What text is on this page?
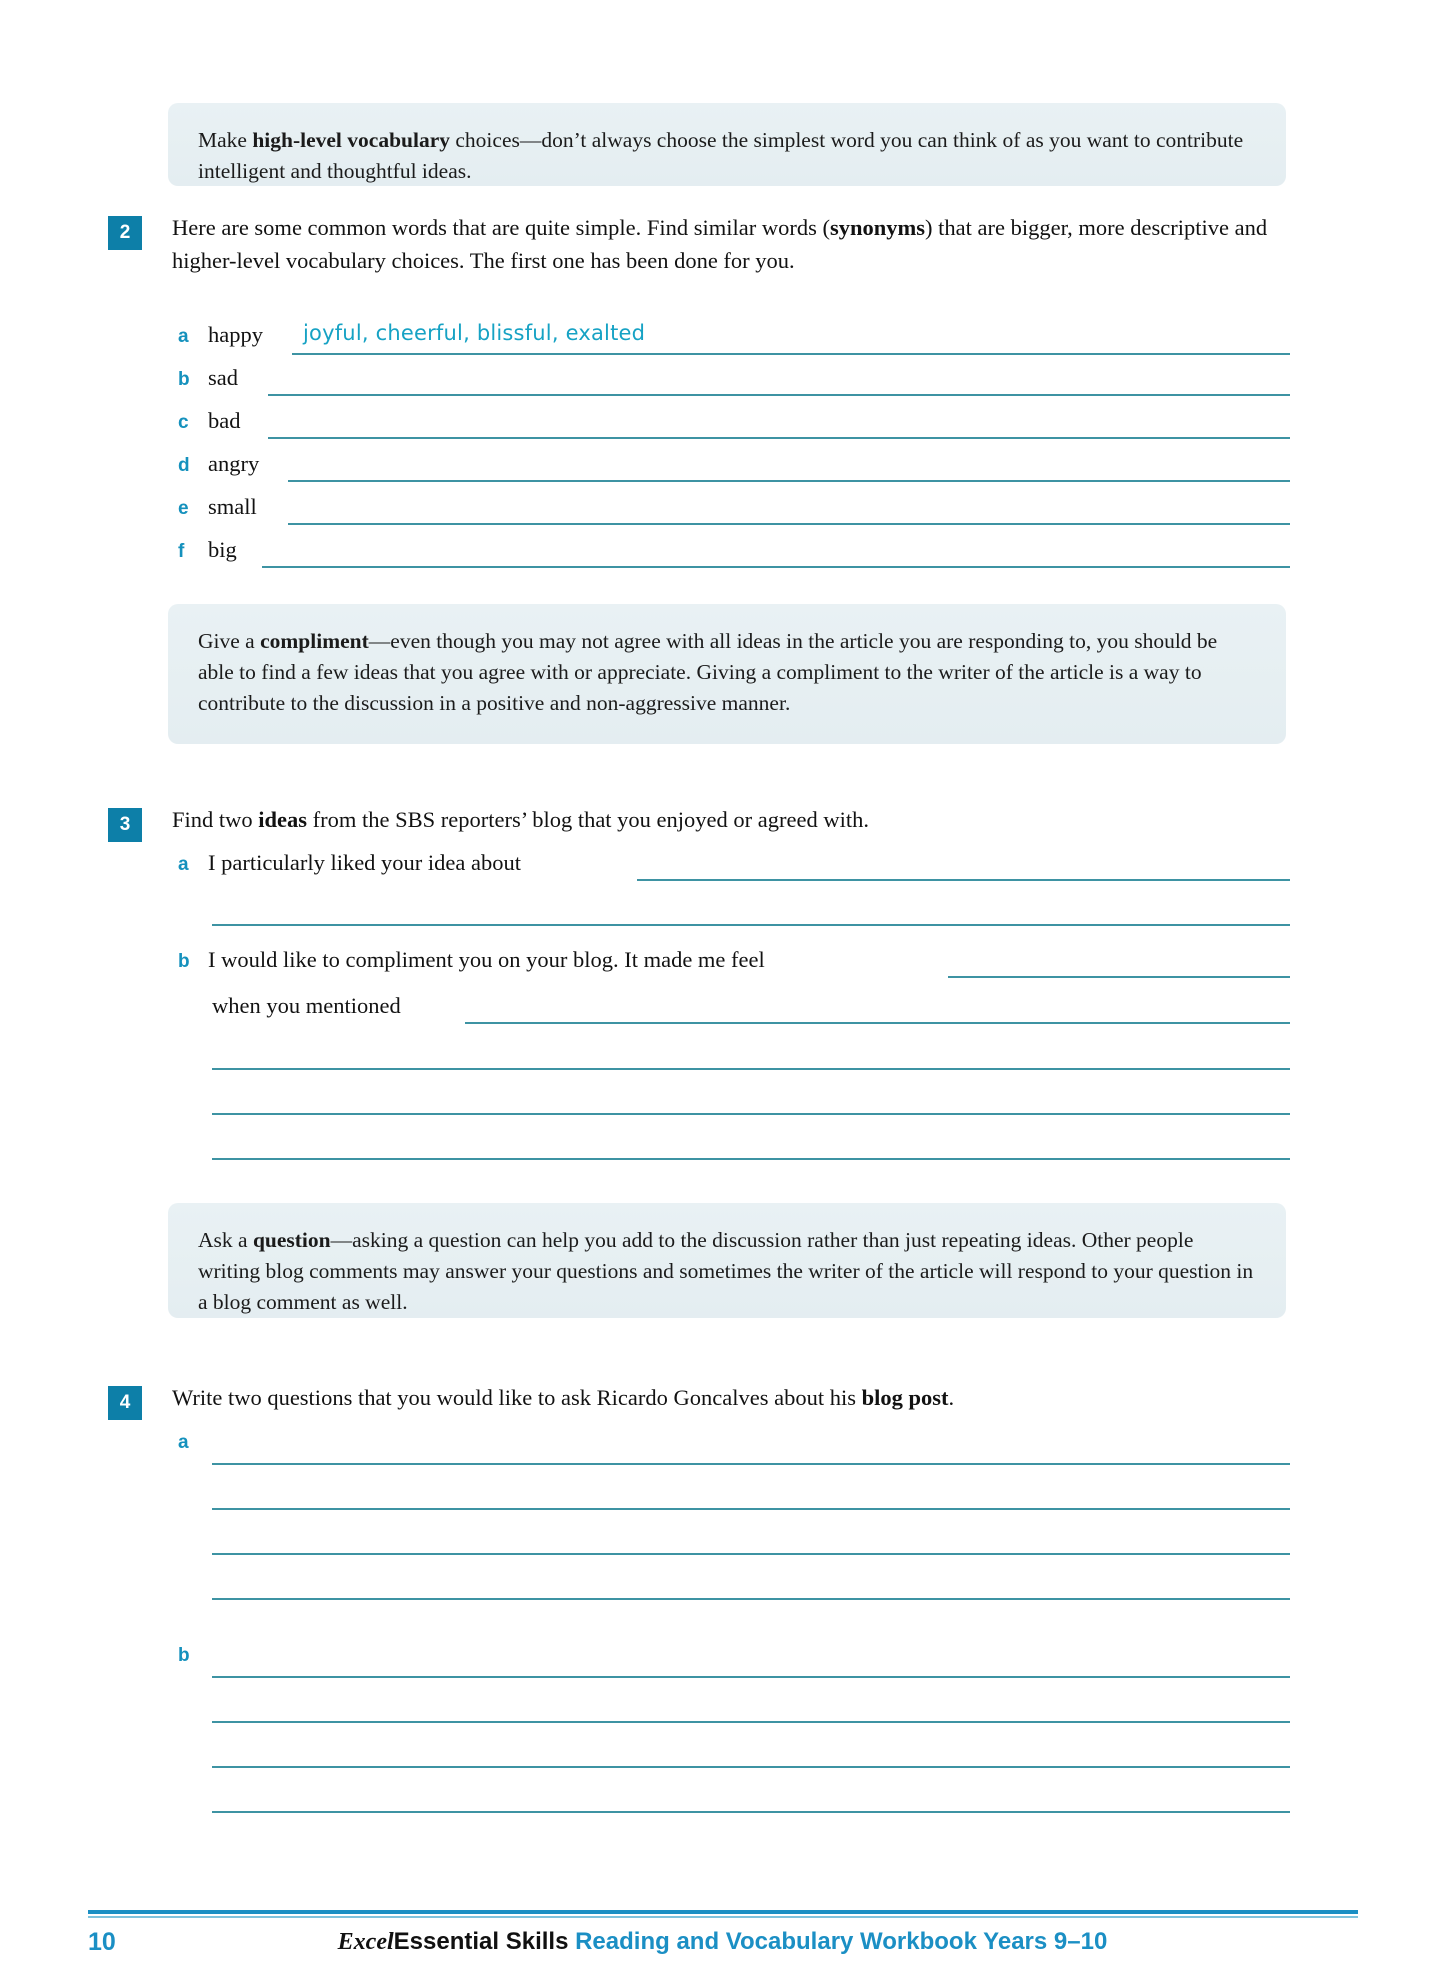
Make high-level vocabulary choices—don’t always choose the simplest word you can think of as you want to contribute intelligent and thoughtful ideas.

2	Here are some common words that are quite simple. Find similar words (synonyms) that are bigger, more descriptive and higher-level vocabulary choices. The first one has been done for you.
a happy joyful, cheerful, blissful, exalted
b sad
c bad
d angry
e small
f big

Give a compliment—even though you may not agree with all ideas in the article you are responding to, you should be able to find a few ideas that you agree with or appreciate. Giving a compliment to the writer of the article is a way to contribute to the discussion in a positive and non-aggressive manner.

3	Find two ideas from the SBS reporters’ blog that you enjoyed or agreed with.
a I particularly liked your idea about
b I would like to compliment you on your blog. It made me feel
when you mentioned

Ask a question—asking a question can help you add to the discussion rather than just repeating ideas. Other people writing blog comments may answer your questions and sometimes the writer of the article will respond to your question in a blog comment as well.

4	Write two questions that you would like to ask Ricardo Goncalves about his blog post.
a
b
10	ExcelEssential Skills Reading and Vocabulary Workbook Years 9–10
